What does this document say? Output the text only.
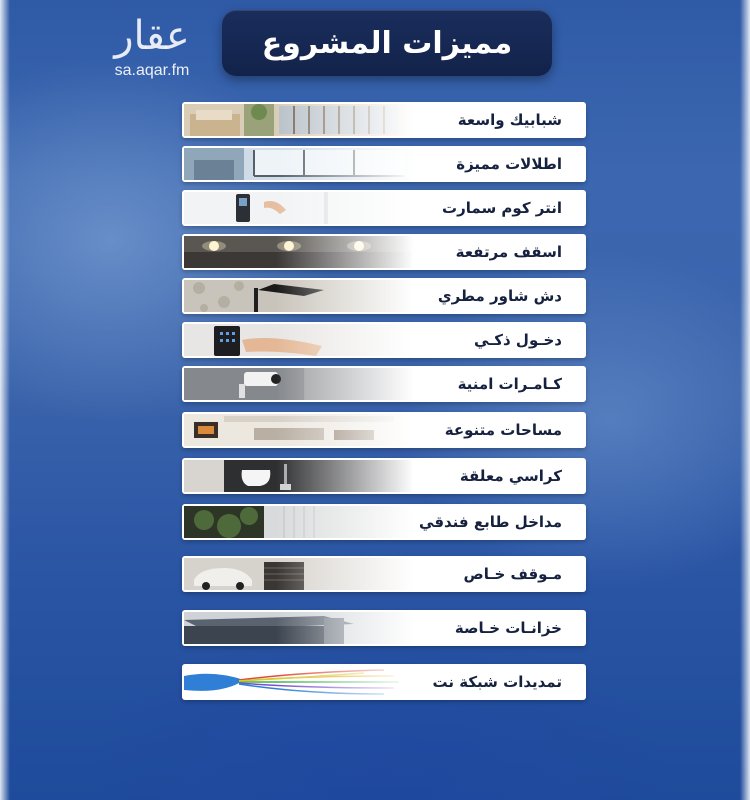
عقار
sa.aqar.fm
مميزات المشروع
شبابيك واسعة
اطلالات مميزة
انتر كوم سمارت
اسقف مرتفعة
دش شاور مطري
دخـول ذكـي
كـامـرات امنية
مساحات متنوعة
كراسي معلقة
مداخل طابع فندقي
مـوقف خـاص
خزانـات خـاصة
تمديدات شبكة نت
